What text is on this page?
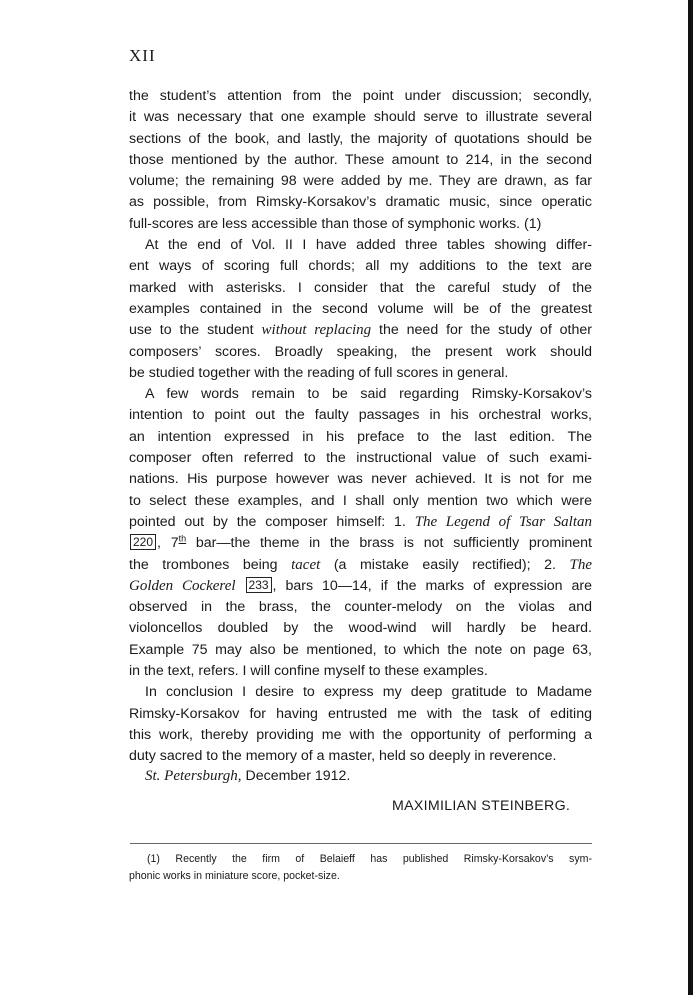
XII
the student’s attention from the point under discussion; secondly,
it was necessary that one example should serve to illustrate several
sections of the book, and lastly, the majority of quotations should be
those mentioned by the author. These amount to 214, in the second
volume; the remaining 98 were added by me. They are drawn, as far
as possible, from Rimsky-Korsakov’s dramatic music, since operatic
full-scores are less accessible than those of symphonic works. (1)
At the end of Vol. II I have added three tables showing differ-
ent ways of scoring full chords; all my additions to the text are
marked with asterisks. I consider that the careful study of the
examples contained in the second volume will be of the greatest
use to the student without replacing the need for the study of other
composers’ scores. Broadly speaking, the present work should
be studied together with the reading of full scores in general.
A few words remain to be said regarding Rimsky-Korsakov’s
intention to point out the faulty passages in his orchestral works,
an intention expressed in his preface to the last edition. The
composer often referred to the instructional value of such exami-
nations. His purpose however was never achieved. It is not for me
to select these examples, and I shall only mention two which were
pointed out by the composer himself: 1. The Legend of Tsar Saltan
220 , 7th bar—the theme in the brass is not sufficiently prominent
the trombones being tacet (a mistake easily rectified); 2. The
Golden Cockerel 233 , bars 10—14, if the marks of expression are
observed in the brass, the counter-melody on the violas and
violoncellos doubled by the wood-wind will hardly be heard.
Example 75 may also be mentioned, to which the note on page 63,
in the text, refers. I will confine myself to these examples.
In conclusion I desire to express my deep gratitude to Madame
Rimsky-Korsakov for having entrusted me with the task of editing
this work, thereby providing me with the opportunity of performing a
duty sacred to the memory of a master, held so deeply in reverence.
St. Petersburgh, December 1912.
MAXIMILIAN STEINBERG.
(1) Recently the firm of Belaieff has published Rimsky-Korsakov’s sym-
phonic works in miniature score, pocket-size.
